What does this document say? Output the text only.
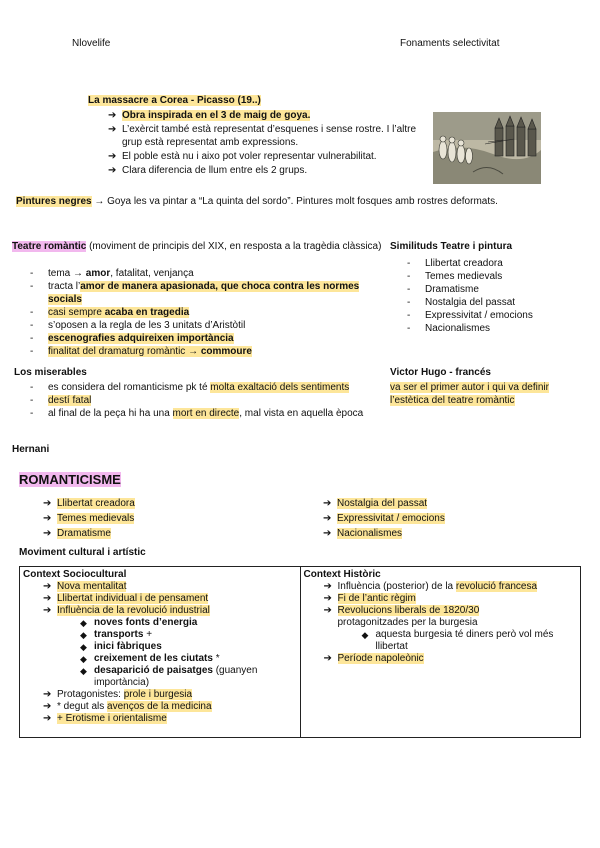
Nlovelife	Fonaments selectivitat
La massacre a Corea - Picasso (19..)
➔ Obra inspirada en el 3 de maig de goya.
➔ L’exèrcit també està representat d’esquenes i sense rostre. I l’altre grup està representat amb expressions.
➔ El poble està nu i aixo pot voler representar vulnerabilitat.
➔ Clara diferencia de llum entre els 2 grups.
Pintures negres → Goya les va pintar a “La quinta del sordo”. Pintures molt fosques amb rostres deformats.
Teatre romàntic (moviment de principis del XIX, en resposta a la tragèdia clàssica)
- tema → amor, fatalitat, venjança
- tracta l’amor de manera apasionada, que choca contra les normes socials
- casi sempre acaba en tragedia
- s’oposen a la regla de les 3 unitats d’Aristòtil
- escenografies adquireixen importància
- finalitat del dramaturg romàntic → commoure
Similituds Teatre i pintura
- Llibertat creadora
- Temes medievals
- Dramatisme
- Nostalgia del passat
- Expressivitat / emocions
- Nacionalismes
Los miserables
- es considera del romanticisme pk té molta exaltació dels sentiments
- destí fatal
- al final de la peça hi ha una mort en directe, mal vista en aquella època
Hernani
Victor Hugo - francés
va ser el primer autor i qui va definir l’estètica del teatre romàntic
ROMANTICISME
➔ Llibertat creadora
➔ Temes medievals
➔ Dramatisme
➔ Nostalgia del passat
➔ Expressivitat / emocions
➔ Nacionalismes
Moviment cultural i artístic
Context Sociocultural
➔ Nova mentalitat
➔ Llibertat individual i de pensament
➔ Influència de la revolució industrial
◆ noves fonts d’energia
◆ transports +
◆ inici fàbriques
◆ creixement de les ciutats *
◆ desaparició de paisatges (guanyen importància)
➔ Protagonistes: prole i burgesia
➔ * degut als avenços de la medicina
➔ + Erotisme i orientalisme

Context Històric
➔ Influència (posterior) de la revolució francesa
➔ Fi de l’antic règim
➔ Revolucions liberals de 1820/30
protagonitzades per la burgesia
◆ aquesta burgesia té diners però vol més llibertat
➔ Període napoleònic
